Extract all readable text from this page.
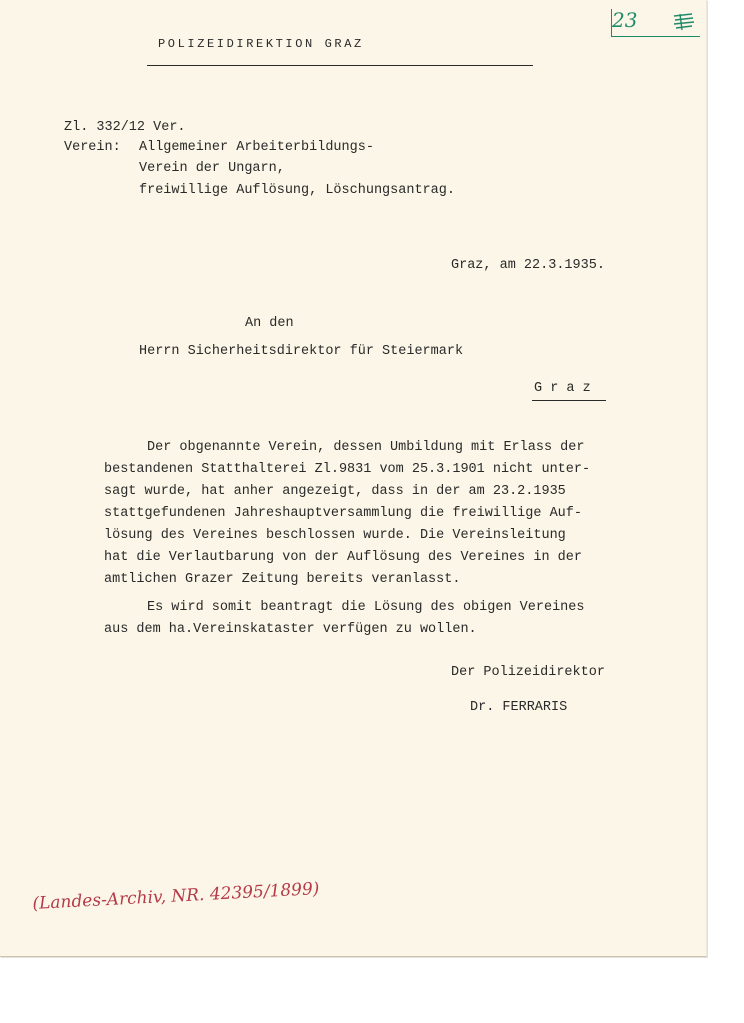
23
POLIZEIDIREKTION GRAZ
Zl. 332/12 Ver.
Verein: Allgemeiner Arbeiterbildungs-
Verein der Ungarn,
freiwillige Auflösung, Löschungsantrag.
Graz, am 22.3.1935.
An den
Herrn Sicherheitsdirektor für Steiermark
G r a z
Der obgenannte Verein, dessen Umbildung mit Erlass der
bestandenen Statthalterei Zl.9831 vom 25.3.1901 nicht unter-
sagt wurde, hat anher angezeigt, dass in der am 23.2.1935
stattgefundenen Jahreshauptversammlung die freiwillige Auf-
lösung des Vereines beschlossen wurde. Die Vereinsleitung
hat die Verlautbarung von der Auflösung des Vereines in der
amtlichen Grazer Zeitung bereits veranlasst.
Es wird somit beantragt die Lösung des obigen Vereines
aus dem ha.Vereinskataster verfügen zu wollen.
Der Polizeidirektor
Dr. FERRARIS
(Landes-Archiv, NR. 42395/1899)
